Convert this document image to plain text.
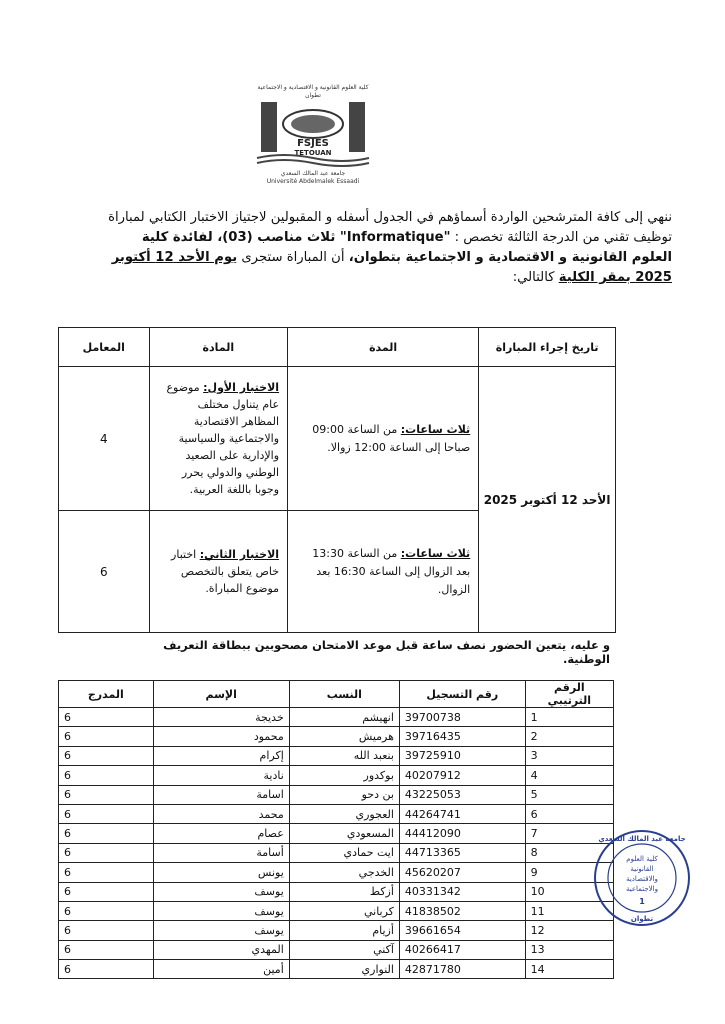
كلية العلوم القانونية و الاقتصادية و الاجتماعية
تطوان
FSJES
TETOUAN
جامعة عبد المالك السعدي
Université Abdelmalek Essaadi
ننهي إلى كافة المترشحين الواردة أسماؤهم في الجدول أسفله و المقبولين لاجتياز الاختبار الكتابي لمباراة
توظيف تقني من الدرجة الثالثة تخصص : "Informatique" ثلاث مناصب (03)، لفائدة كلية
العلوم القانونية و الاقتصادية و الاجتماعية بتطوان، أن المباراة ستجرى يوم الأحد 12 أكتوبر
2025 بمقر الكلية كالتالي:
تاريخ إجراء المباراة	المدة	المادة	المعامل
الأحد 12 أكتوبر 2025	ثلاث ساعات: من الساعة 09:00 صباحا إلى الساعة 12:00 زوالا.	الاختبار الأول: موضوع عام يتناول مختلف المظاهر الاقتصادية والاجتماعية والسياسية والإدارية على الصعيد الوطني والدولي يحرر وجوبا باللغة العربية.	4
	ثلاث ساعات: من الساعة 13:30 بعد الزوال إلى الساعة 16:30 بعد الزوال.	الاختبار الثاني: اختبار خاص يتعلق بالتخصص موضوع المباراة.	6
و عليه، يتعين الحضور نصف ساعة قبل موعد الامتحان مصحوبين ببطاقة التعريف الوطنية.
الرقم الترتيبي	رقم التسجيل	النسب	الإسم	المدرج
1	39700738	انهيشم	خديجة	6
2	39716435	هرميش	محمود	6
3	39725910	بنعبد الله	إكرام	6
4	40207912	بوكدور	نادية	6
5	43225053	بن دحو	اسامة	6
6	44264741	العجوري	محمد	6
7	44412090	المسعودي	عصام	6
8	44713365	ايت حمادي	أسامة	6
9	45620207	الخدجي	يونس	6
10	40331342	أزكط	يوسف	6
11	41838502	كرباني	يوسف	6
12	39661654	أزيام	يوسف	6
13	40266417	آكني	المهدي	6
14	42871780	النواري	أمين	6
جامعة عبد المالك السعدي
كلية العلوم
القانونية
والاقتصادية
والاجتماعية
1
تطوان
